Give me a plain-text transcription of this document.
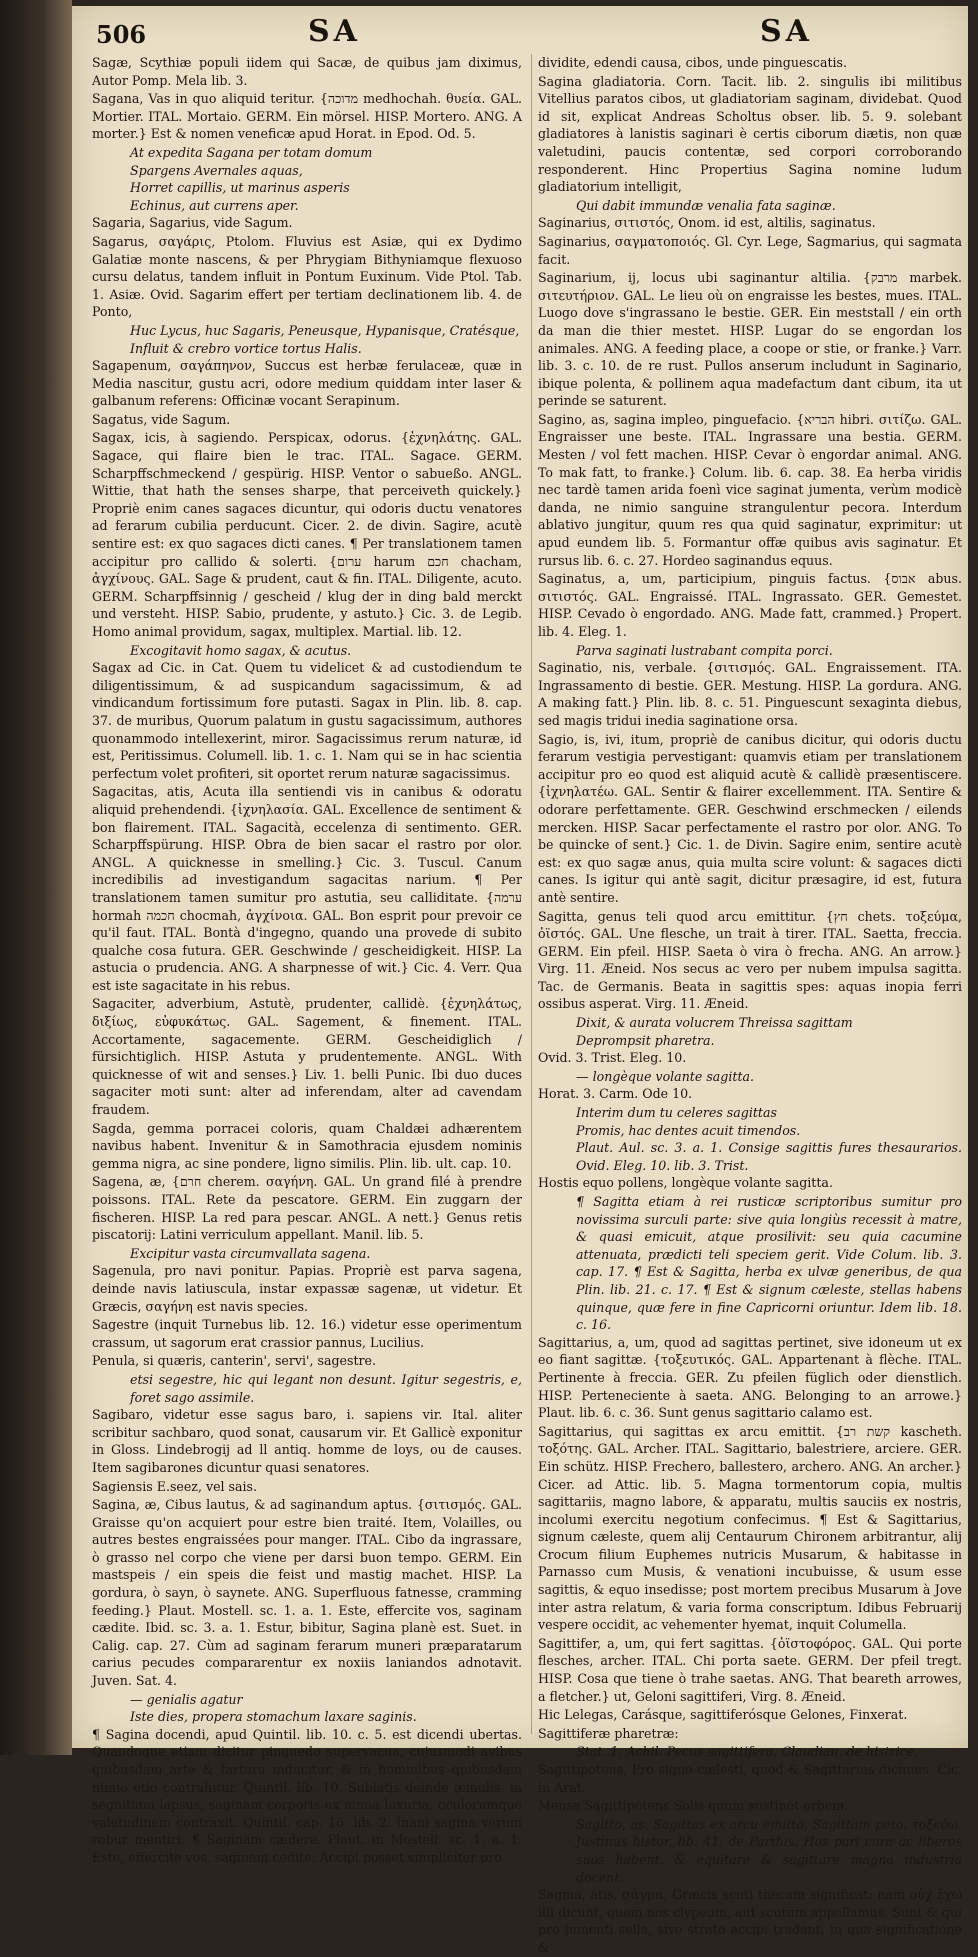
506	SA	SA

Sagæ, Scythiæ populi iidem qui Sacæ, de quibus jam diximus, Autor Pomp. Mela lib. 3.

Sagana, Vas in quo aliquid teritur. {מדוכה medhochah. θυεία. GAL. Mortier. ITAL. Mortaio. GERM. Ein mörsel. HISP. Mortero. ANG. A morter.} Est & nomen veneficæ apud Horat. in Epod. Od. 5.

At expedita Sagana per totam domum

Spargens Avernales aquas,

Horret capillis, ut marinus asperis

Echinus, aut currens aper.

Sagaria, Sagarius, vide Sagum.

Sagarus, σαγάρις, Ptolom. Fluvius est Asiæ, qui ex Dydimo Galatiæ monte nascens, & per Phrygiam Bithyniamque flexuoso cursu delatus, tandem influit in Pontum Euxinum. Vide Ptol. Tab. 1. Asiæ. Ovid. Sagarim effert per tertiam declinationem lib. 4. de Ponto,

Huc Lycus, huc Sagaris, Peneusque, Hypanisque, Cratésque,

Influit & crebro vortice tortus Halis.

Sagapenum, σαγάπηνον, Succus est herbæ ferulaceæ, quæ in Media nascitur, gustu acri, odore medium quiddam inter laser & galbanum referens: Officinæ vocant Serapinum.

Sagatus, vide Sagum.

Sagax, icis, à sagiendo. Perspicax, odorus. {ἐχνηλάτης. GAL. Sagace, qui flaire bien le trac. ITAL. Sagace. GERM. Scharpffschmeckend / gespürig. HISP. Ventor o sabueßo. ANGL. Wittie, that hath the senses sharpe, that perceiveth quickely.} Propriè enim canes sagaces dicuntur, qui odoris ductu venatores ad ferarum cubilia perducunt. Cicer. 2. de divin. Sagire, acutè sentire est: ex quo sagaces dicti canes. ¶ Per translationem tamen accipitur pro callido & solerti. {ערום harum חכם chacham, ἀγχίνους. GAL. Sage & prudent, caut & fin. ITAL. Diligente, acuto. GERM. Scharpffsinnig / gescheid / klug der in ding bald merckt und versteht. HISP. Sabio, prudente, y astuto.} Cic. 3. de Legib. Homo animal providum, sagax, multiplex. Martial. lib. 12.

Excogitavit homo sagax, & acutus.

Sagax ad Cic. in Cat. Quem tu videlicet & ad custodiendum te diligentissimum, & ad suspicandum sagacissimum, & ad vindicandum fortissimum fore putasti. Sagax in Plin. lib. 8. cap. 37. de muribus, Quorum palatum in gustu sagacissimum, authores quonammodo intellexerint, miror. Sagacissimus rerum naturæ, id est, Peritissimus. Columell. lib. 1. c. 1. Nam qui se in hac scientia perfectum volet profiteri, sit oportet rerum naturæ sagacissimus.

Sagacitas, atis, Acuta illa sentiendi vis in canibus & odoratu aliquid prehendendi. {ἰχνηλασία. GAL. Excellence de sentiment & bon flairement. ITAL. Sagacità, eccelenza di sentimento. GER. Scharpffspürung. HISP. Obra de bien sacar el rastro por olor. ANGL. A quicknesse in smelling.} Cic. 3. Tuscul. Canum incredibilis ad investigandum sagacitas narium. ¶ Per translationem tamen sumitur pro astutia, seu calliditate. {ערמה hormah חכמה chocmah, ἀγχίνοια. GAL. Bon esprit pour prevoir ce qu'il faut. ITAL. Bontà d'ingegno, quando una provede di subito qualche cosa futura. GER. Geschwinde / gescheidigkeit. HISP. La astucia o prudencia. ANG. A sharpnesse of wit.} Cic. 4. Verr. Qua est iste sagacitate in his rebus.

Sagaciter, adverbium, Astutè, prudenter, callidè. {ἐχνηλάτως, διξίως, εὐφυκάτως. GAL. Sagement, & finement. ITAL. Accortamente, sagacemente. GERM. Gescheidiglich / fürsichtiglich. HISP. Astuta y prudentemente. ANGL. With quicknesse of wit and senses.} Liv. 1. belli Punic. Ibi duo duces sagaciter moti sunt: alter ad inferendam, alter ad cavendam fraudem.

Sagda, gemma porracei coloris, quam Chaldæi adhærentem navibus habent. Invenitur & in Samothracia ejusdem nominis gemma nigra, ac sine pondere, ligno similis. Plin. lib. ult. cap. 10.

Sagena, æ, {חרם cherem. σαγήνη. GAL. Un grand filé à prendre poissons. ITAL. Rete da pescatore. GERM. Ein zuggarn der fischeren. HISP. La red para pescar. ANGL. A nett.} Genus retis piscatorij: Latini verriculum appellant. Manil. lib. 5.

Excipitur vasta circumvallata sagena.

Sagenula, pro navi ponitur. Papias. Propriè est parva sagena, deinde navis latiuscula, instar expassæ sagenæ, ut videtur. Et Græcis, σαγήνη est navis species.

Sagestre (inquit Turnebus lib. 12. 16.) videtur esse operimentum crassum, ut sagorum erat crassior pannus, Lucilius.

Penula, si quæris, canterin', servi', sagestre.

etsi segestre, hic qui legant non desunt. Igitur segestris, e, foret sago assimile.

Sagibaro, videtur esse sagus baro, i. sapiens vir. Ital. aliter scribitur sachbaro, quod sonat, causarum vir. Et Gallicè exponitur in Gloss. Lindebrogij ad ll antiq. homme de loys, ou de causes. Item sagibarones dicuntur quasi senatores.

Sagiensis E.seez, vel sais.

Sagina, æ, Cibus lautus, & ad saginandum aptus. {σιτισμός. GAL. Graisse qu'on acquiert pour estre bien traité. Item, Volailles, ou autres bestes engraissées pour manger. ITAL. Cibo da ingrassare, ò grasso nel corpo che viene per darsi buon tempo. GERM. Ein mastspeis / ein speis die feist und mastig machet. HISP. La gordura, ò sayn, ò saynete. ANG. Superfluous fatnesse, cramming feeding.} Plaut. Mostell. sc. 1. a. 1. Este, effercite vos, saginam cædite. Ibid. sc. 3. a. 1. Estur, bibitur, Sagina planè est. Suet. in Calig. cap. 27. Cùm ad saginam ferarum muneri præparatarum carius pecudes compararentur ex noxiis laniandos adnotavit. Juven. Sat. 4.

— genialis agatur

Iste dies, propera stomachum laxare saginis.

¶ Sagina docendi, apud Quintil. lib. 10. c. 5. est dicendi ubertas. Quandoque etiam dicitur pinguedo supervacua, cujusmodi avibus quibusdam arte & fartura inducitur, & in hominibus quibusdam nimio otio contrahitur. Quintil. lib. 10. Sublatis deinde æmulis, in segnitiam lapsus, saginam corporis ex nimia luxuria, oculorumque valetudinem contraxit. Quintil. cap. 16. lib. 2. Inani sagina verum robur mentiri. ¶ Saginam cædere. Plaut. in Mostell. sc. 1. a. 1. Este, effercite vos, saginam cedite. Accipi posset simpliciter pro

dividite, edendi causa, cibos, unde pinguescatis.

Sagina gladiatoria. Corn. Tacit. lib. 2. singulis ibi militibus Vitellius paratos cibos, ut gladiatoriam saginam, dividebat. Quod id sit, explicat Andreas Scholtus obser. lib. 5. 9. solebant gladiatores à lanistis saginari è certis ciborum diætis, non quæ valetudini, paucis contentæ, sed corpori corroborando responderent. Hinc Propertius Sagina nomine ludum gladiatorium intelligit,

Qui dabit immundæ venalia fata saginæ.

Saginarius, σιτιστός, Onom. id est, altilis, saginatus.

Saginarius, σαγματοποιός. Gl. Cyr. Lege, Sagmarius, qui sagmata facit.

Saginarium, ij, locus ubi saginantur altilia. {מרבק marbek. σιτευτήριον. GAL. Le lieu où on engraisse les bestes, mues. ITAL. Luogo dove s'ingrassano le bestie. GER. Ein meststall / ein orth da man die thier mestet. HISP. Lugar do se engordan los animales. ANG. A feeding place, a coope or stie, or franke.} Varr. lib. 3. c. 10. de re rust. Pullos anserum includunt in Saginario, ibique polenta, & pollinem aqua madefactum dant cibum, ita ut perinde se saturent.

Sagino, as, sagina impleo, pinguefacio. {הבריא hibri. σιτίζω. GAL. Engraisser une beste. ITAL. Ingrassare una bestia. GERM. Mesten / vol fett machen. HISP. Cevar ò engordar animal. ANG. To mak fatt, to franke.} Colum. lib. 6. cap. 38. Ea herba viridis nec tardè tamen arida foenì vice saginat jumenta, verùm modicè danda, ne nimio sanguine strangulentur pecora. Interdum ablativo jungitur, quum res qua quid saginatur, exprimitur: ut apud eundem lib. 5. Formantur offæ quibus avis saginatur. Et rursus lib. 6. c. 27. Hordeo saginandus equus.

Saginatus, a, um, participium, pinguis factus. {אבוס abus. σιτιστός. GAL. Engraissé. ITAL. Ingrassato. GER. Gemestet. HISP. Cevado ò engordado. ANG. Made fatt, crammed.} Propert. lib. 4. Eleg. 1.

Parva saginati lustrabant compita porci.

Saginatio, nis, verbale. {σιτισμός. GAL. Engraissement. ITA. Ingrassamento di bestie. GER. Mestung. HISP. La gordura. ANG. A making fatt.} Plin. lib. 8. c. 51. Pinguescunt sexaginta diebus, sed magis tridui inedia saginatione orsa.

Sagio, is, ivi, itum, propriè de canibus dicitur, qui odoris ductu ferarum vestigia pervestigant: quamvis etiam per translationem accipitur pro eo quod est aliquid acutè & callidè præsentiscere. {ἰχνηλατέω. GAL. Sentir & flairer excellemment. ITA. Sentire & odorare perfettamente. GER. Geschwind erschmecken / eilends mercken. HISP. Sacar perfectamente el rastro por olor. ANG. To be quincke of sent.} Cic. 1. de Divin. Sagire enim, sentire acutè est: ex quo sagæ anus, quia multa scire volunt: & sagaces dicti canes. Is igitur qui antè sagit, dicitur præsagire, id est, futura antè sentire.

Sagitta, genus teli quod arcu emittitur. {חץ chets. τοξεύμα, ὀϊστός. GAL. Une flesche, un trait à tirer. ITAL. Saetta, freccia. GERM. Ein pfeil. HISP. Saeta ò vira ò frecha. ANG. An arrow.} Virg. 11. Æneid. Nos secus ac vero per nubem impulsa sagitta. Tac. de Germanis. Beata in sagittis spes: aquas inopia ferri ossibus asperat. Virg. 11. Æneid.

Dixit, & aurata volucrem Threissa sagittam

Deprompsit pharetra.

Ovid. 3. Trist. Eleg. 10.

— longèque volante sagitta.

Horat. 3. Carm. Ode 10.

Interim dum tu celeres sagittas

Promis, hac dentes acuit timendos.

Plaut. Aul. sc. 3. a. 1. Consige sagittis fures thesaurarios. Ovid. Eleg. 10. lib. 3. Trist.

Hostis equo pollens, longèque volante sagitta.

¶ Sagitta etiam à rei rusticæ scriptoribus sumitur pro novissima surculi parte: sive quia longiùs recessit à matre, & quasi emicuit, atque prosilivit: seu quia cacumine attenuata, prædicti teli speciem gerit. Vide Colum. lib. 3. cap. 17. ¶ Est & Sagitta, herba ex ulvæ generibus, de qua Plin. lib. 21. c. 17. ¶ Est & signum cæleste, stellas habens quinque, quæ fere in fine Capricorni oriuntur. Idem lib. 18. c. 16.

Sagittarius, a, um, quod ad sagittas pertinet, sive idoneum ut ex eo fiant sagittæ. {τοξευτικός. GAL. Appartenant à flèche. ITAL. Pertinente à freccia. GER. Zu pfeilen füglich oder dienstlich. HISP. Perteneciente à saeta. ANG. Belonging to an arrowe.} Plaut. lib. 6. c. 36. Sunt genus sagittario calamo est.

Sagittarius, qui sagittas ex arcu emittit. {קשת רב kascheth. τοξότης. GAL. Archer. ITAL. Sagittario, balestriere, arciere. GER. Ein schütz. HISP. Frechero, ballestero, archero. ANG. An archer.} Cicer. ad Attic. lib. 5. Magna tormentorum copia, multis sagittariis, magno labore, & apparatu, multis sauciis ex nostris, incolumi exercitu negotium confecimus. ¶ Est & Sagittarius, signum cæleste, quem alij Centaurum Chironem arbitrantur, alij Crocum filium Euphemes nutricis Musarum, & habitasse in Parnasso cum Musis, & venationi incubuisse, & usum esse sagittis, & equo insedisse; post mortem precibus Musarum à Jove inter astra relatum, & varia forma conscriptum. Idibus Februarij vespere occidit, ac vehementer hyemat, inquit Columella.

Sagittifer, a, um, qui fert sagittas. {ὀϊστοφόρος. GAL. Qui porte flesches, archer. ITAL. Chi porta saete. GERM. Der pfeil tregt. HISP. Cosa que tiene ò trahe saetas. ANG. That beareth arrowes, a fletcher.} ut, Geloni sagittiferi, Virg. 8. Æneid.

Hic Lelegas, Carásque, sagittiferósque Gelones, Finxerat.

Sagittiferæ pharetræ:

Stat. 1. Achil. Pecus sagittifera, Claudian. de histrice.

Sagittipotens, Pro signo cælesti, quod & Sagittarius dicimus. Cic. in Arat.

Mense Sagittipotens Solis quum sustinet orbem.

Sagitto, as, Sagittas ex arcu emitto, Sagittam peto. τοξεύω. Justinus histor. lib. 41. de Parthis. Hos pari cura ac liberos suos habent, & equitare & sagittare magna industria docent.

Sagma, atis, σάγμα, Græcis scuti thecam significat: nam οὐχ ἔχω illi dicunt, quem nos clypeum, aut scutum appellamus. Sunt & qui pro jumenti sella, sive strato accipi tradant, in qua significatione &
